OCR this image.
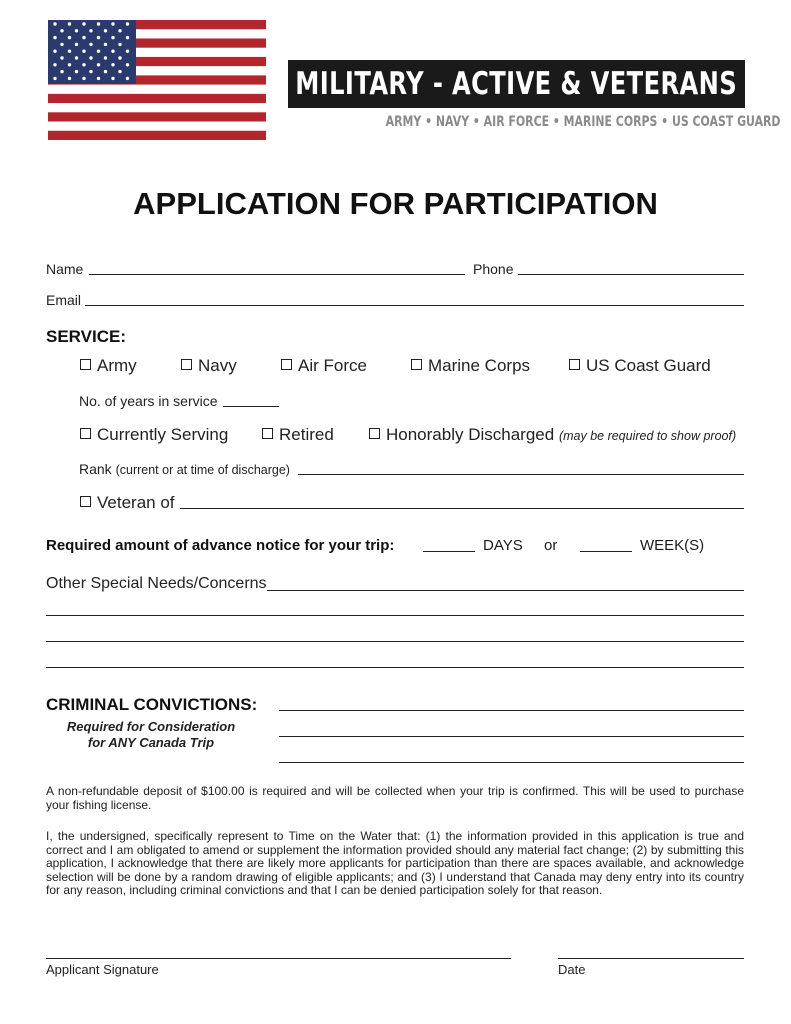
MILITARY - ACTIVE & VETERANS
ARMY • NAVY • AIR FORCE • MARINE CORPS • US COAST GUARD
APPLICATION FOR PARTICIPATION
Name	Phone
Email
SERVICE:
Army	Navy	Air Force	Marine Corps	US Coast Guard
No. of years in service
Currently Serving	Retired	Honorably Discharged (may be required to show proof)
Rank (current or at time of discharge)
Veteran of
Required amount of advance notice for your trip:	DAYS or	WEEK(S)
Other Special Needs/Concerns
CRIMINAL CONVICTIONS:
Required for Consideration
for ANY Canada Trip
A non-refundable deposit of $100.00 is required and will be collected when your trip is confirmed. This will be used to purchase your fishing license.
I, the undersigned, specifically represent to Time on the Water that: (1) the information provided in this application is true and correct and I am obligated to amend or supplement the information provided should any material fact change; (2) by submitting this application, I acknowledge that there are likely more applicants for participation than there are spaces available, and acknowledge selection will be done by a random drawing of eligible applicants; and (3) I understand that Canada may deny entry into its country for any reason, including criminal convictions and that I can be denied participation solely for that reason.
Applicant Signature	Date
